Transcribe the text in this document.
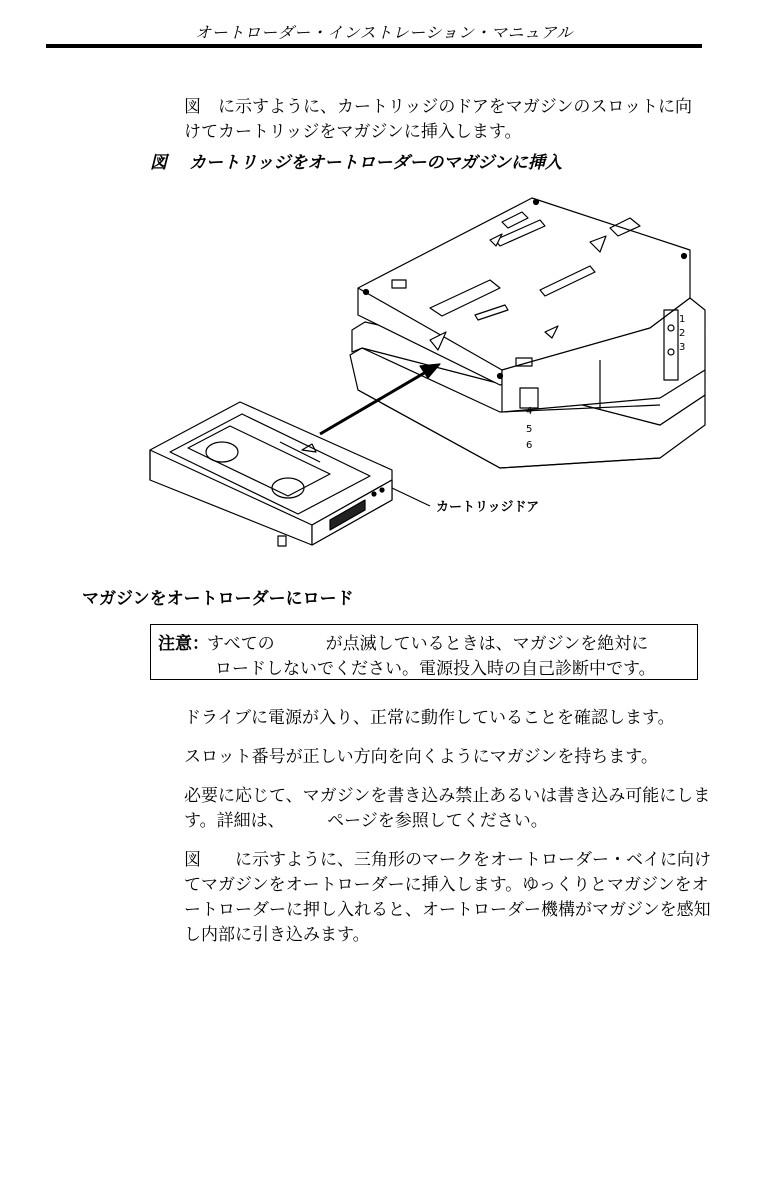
オートローダー・インストレーション・マニュアル

図　に示すように、カートリッジのドアをマガジンのスロットに向けてカートリッジをマガジンに挿入します。

図 カートリッジをオートローダーのマガジンに挿入
1
2
3
4
5
6
カートリッジドア
マガジンをオートローダーにロード
注意：
すべての　　　が点滅しているときは、マガジンを絶対に
ロードしないでください。電源投入時の自己診断中です。
ドライブに電源が入り、正常に動作していることを確認します。
スロット番号が正しい方向を向くようにマガジンを持ちます。
必要に応じて、マガジンを書き込み禁止あるいは書き込み可能にします。詳細は、　　　ページを参照してください。
図　　に示すように、三角形のマークをオートローダー・ベイに向けてマガジンをオートローダーに挿入します。ゆっくりとマガジンをオートローダーに押し入れると、オートローダー機構がマガジンを感知し内部に引き込みます。
